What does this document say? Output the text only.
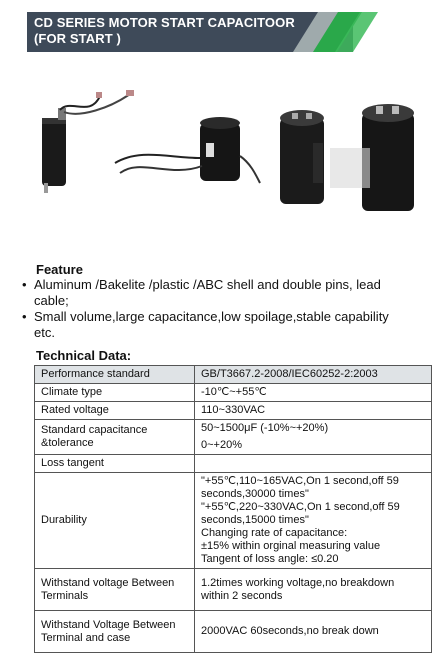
CD SERIES MOTOR START CAPACITOOR
(FOR START )
Feature
• Aluminum /Bakelite /plastic /ABC shell and double pins, lead cable;
• Small volume,large capacitance,low spoilage,stable capability etc.
Technical Data:
Performance standard	GB/T3667.2-2008/IEC60252-2:2003

Climate type	-10℃~+55℃

Rated voltage	110~330VAC

Standard capacitance &tolerance	50~1500μF (-10%~+20%)
0~+20%

Loss tangent	

Durability	"+55℃,110~165VAC,On 1 second,off 59 seconds,30000 times"
"+55℃,220~330VAC,On 1 second,off 59 seconds,15000 times"
Changing rate of capacitance:
±15% within orginal measuring value
Tangent of loss angle: ≤0.20

Withstand voltage Between Terminals	1.2times working voltage,no breakdown within 2 seconds

Withstand Voltage Between Terminal and case	2000VAC 60seconds,no break down
